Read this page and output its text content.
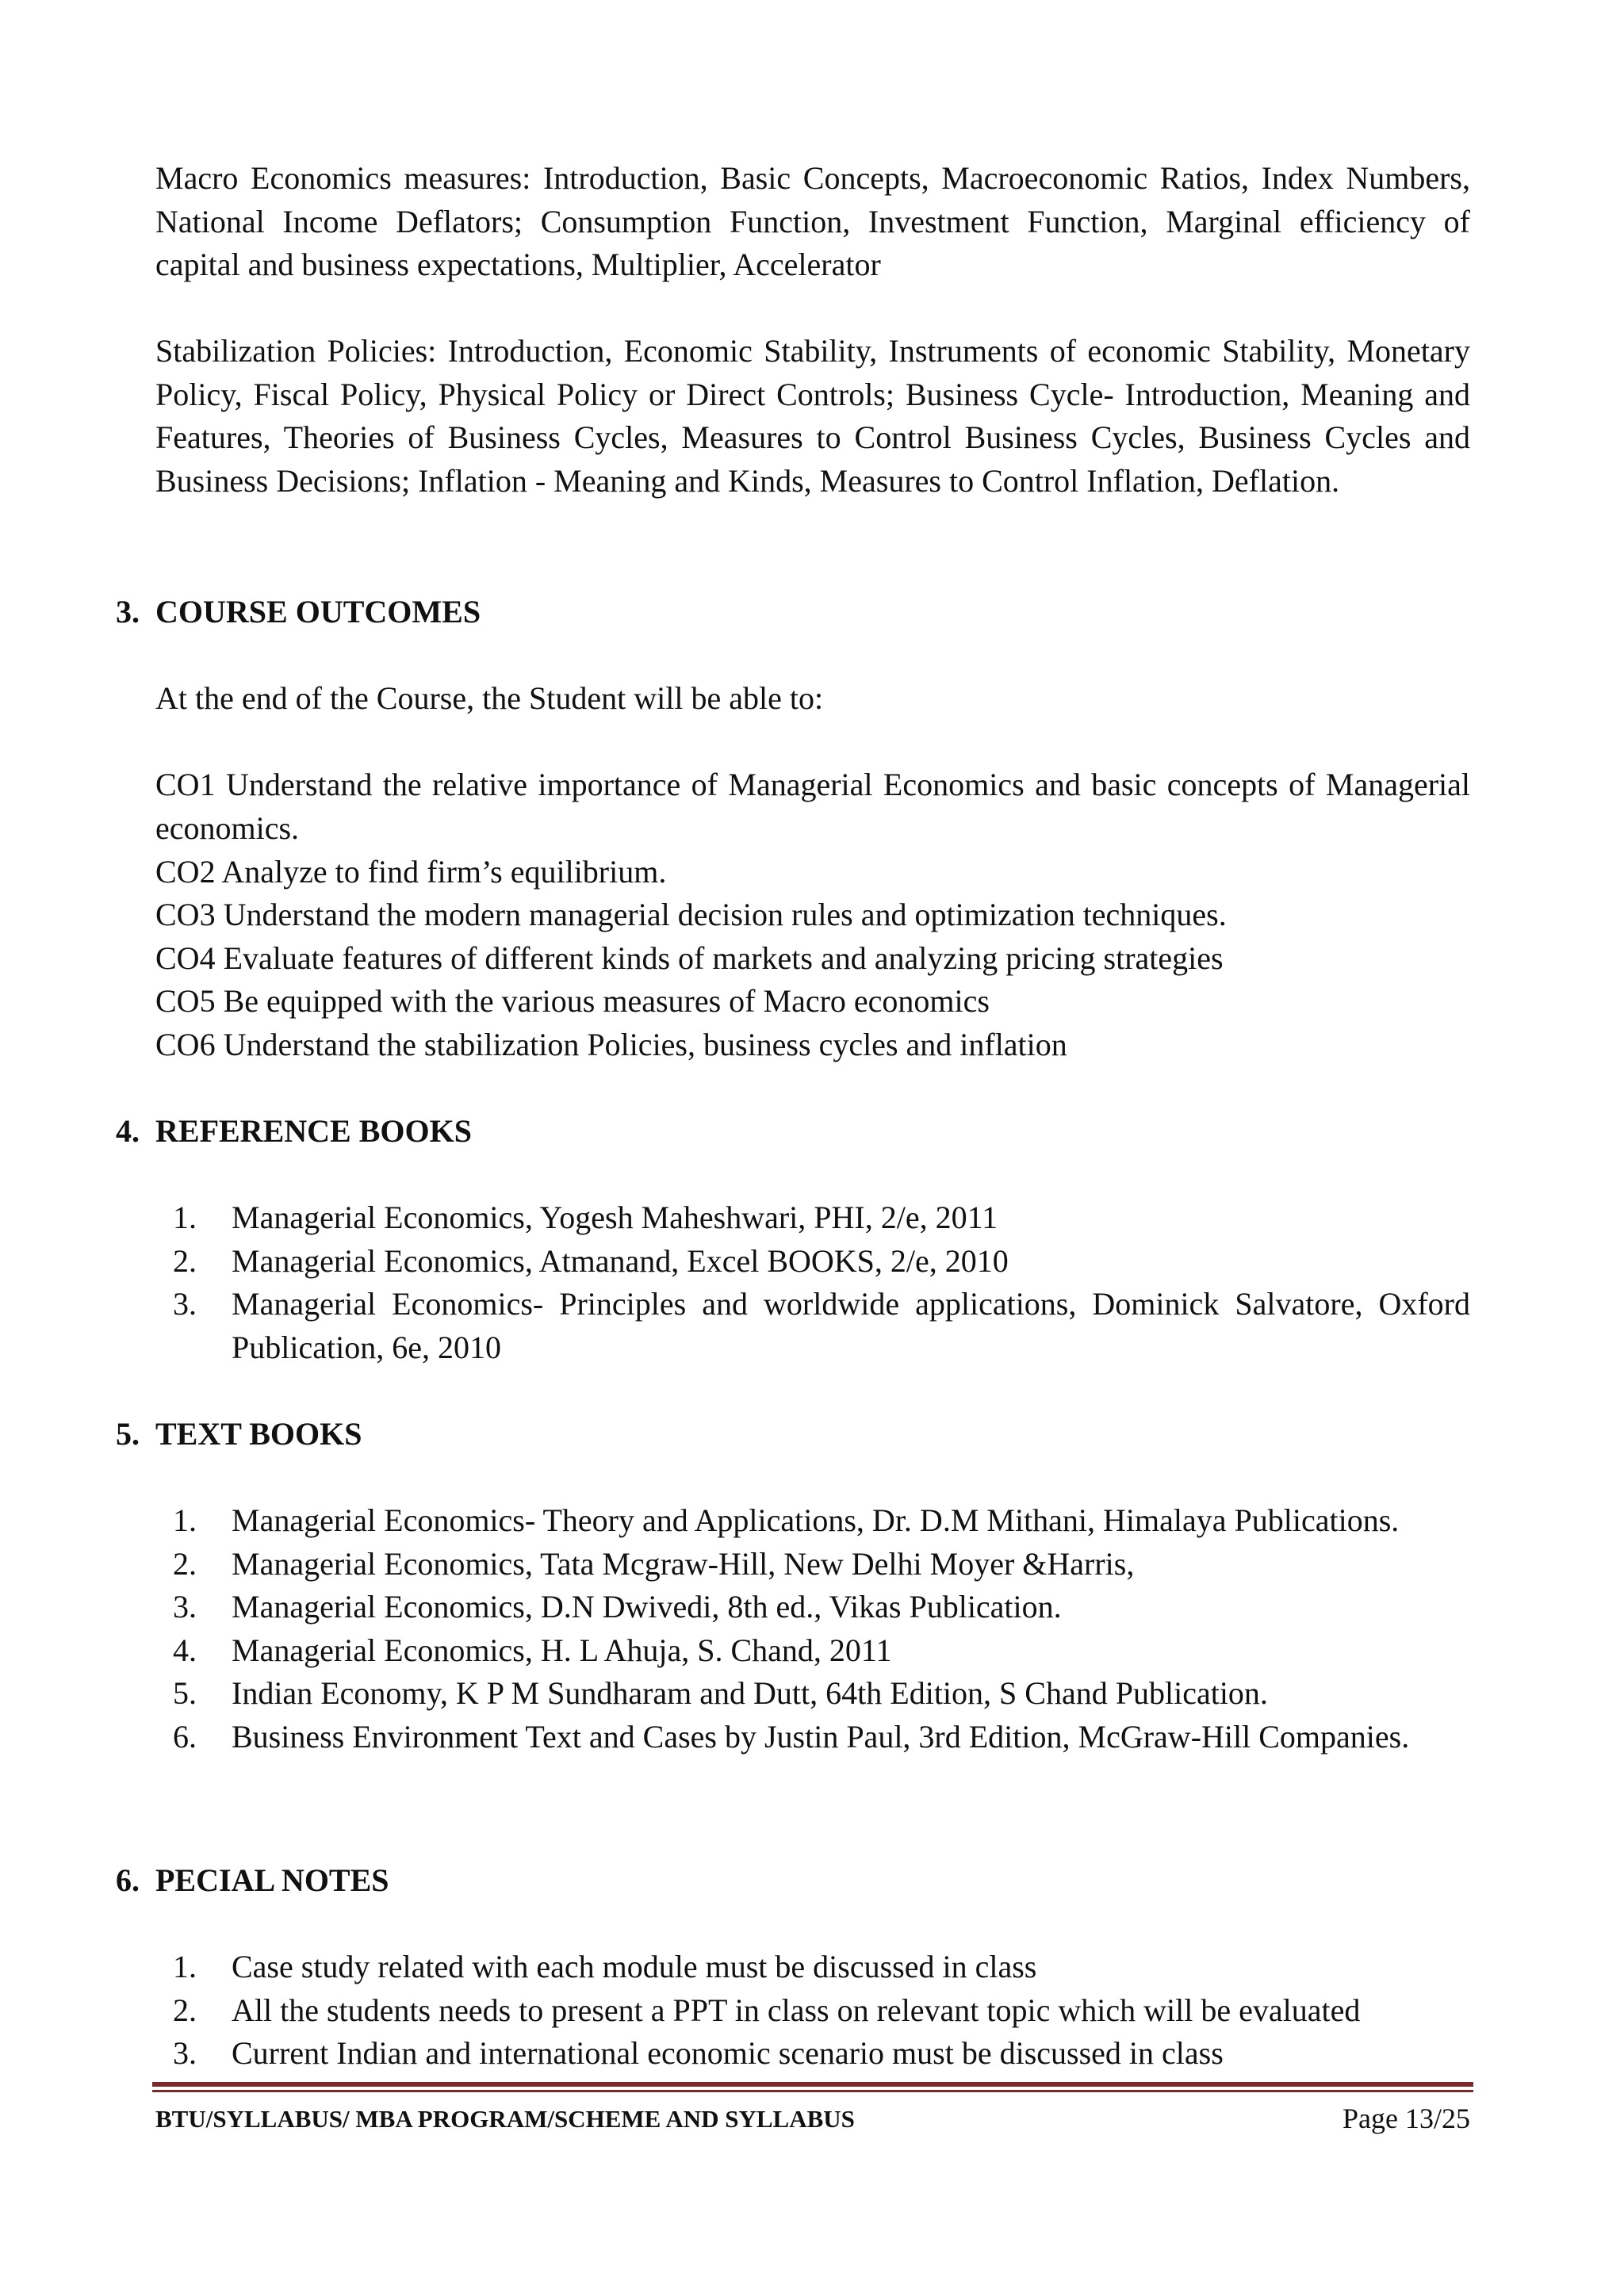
Macro Economics measures: Introduction, Basic Concepts, Macroeconomic Ratios, Index Numbers, National Income Deflators; Consumption Function, Investment Function, Marginal efficiency of capital and business expectations, Multiplier, Accelerator
Stabilization Policies: Introduction, Economic Stability, Instruments of economic Stability, Monetary Policy, Fiscal Policy, Physical Policy or Direct Controls; Business Cycle- Introduction, Meaning and Features, Theories of Business Cycles, Measures to Control Business Cycles, Business Cycles and Business Decisions; Inflation - Meaning and Kinds, Measures to Control Inflation, Deflation.
3. COURSE OUTCOMES
At the end of the Course, the Student will be able to:
CO1 Understand the relative importance of Managerial Economics and basic concepts of Managerial economics.
CO2 Analyze to find firm’s equilibrium.
CO3 Understand the modern managerial decision rules and optimization techniques.
CO4 Evaluate features of different kinds of markets and analyzing pricing strategies
CO5 Be equipped with the various measures of Macro economics
CO6 Understand the stabilization Policies, business cycles and inflation
4. REFERENCE BOOKS
1. Managerial Economics, Yogesh Maheshwari, PHI, 2/e, 2011
2. Managerial Economics, Atmanand, Excel BOOKS, 2/e, 2010
3. Managerial Economics- Principles and worldwide applications, Dominick Salvatore, Oxford Publication, 6e, 2010
5. TEXT BOOKS
1. Managerial Economics- Theory and Applications, Dr. D.M Mithani, Himalaya Publications.
2. Managerial Economics, Tata Mcgraw-Hill, New Delhi Moyer &Harris,
3. Managerial Economics, D.N Dwivedi, 8th ed., Vikas Publication.
4. Managerial Economics, H. L Ahuja, S. Chand, 2011
5. Indian Economy, K P M Sundharam and Dutt, 64th Edition, S Chand Publication.
6. Business Environment Text and Cases by Justin Paul, 3rd Edition, McGraw-Hill Companies.
6. PECIAL NOTES
1. Case study related with each module must be discussed in class
2. All the students needs to present a PPT in class on relevant topic which will be evaluated
3. Current Indian and international economic scenario must be discussed in class
BTU/SYLLABUS/ MBA PROGRAM/SCHEME AND SYLLABUS	Page 13/25
